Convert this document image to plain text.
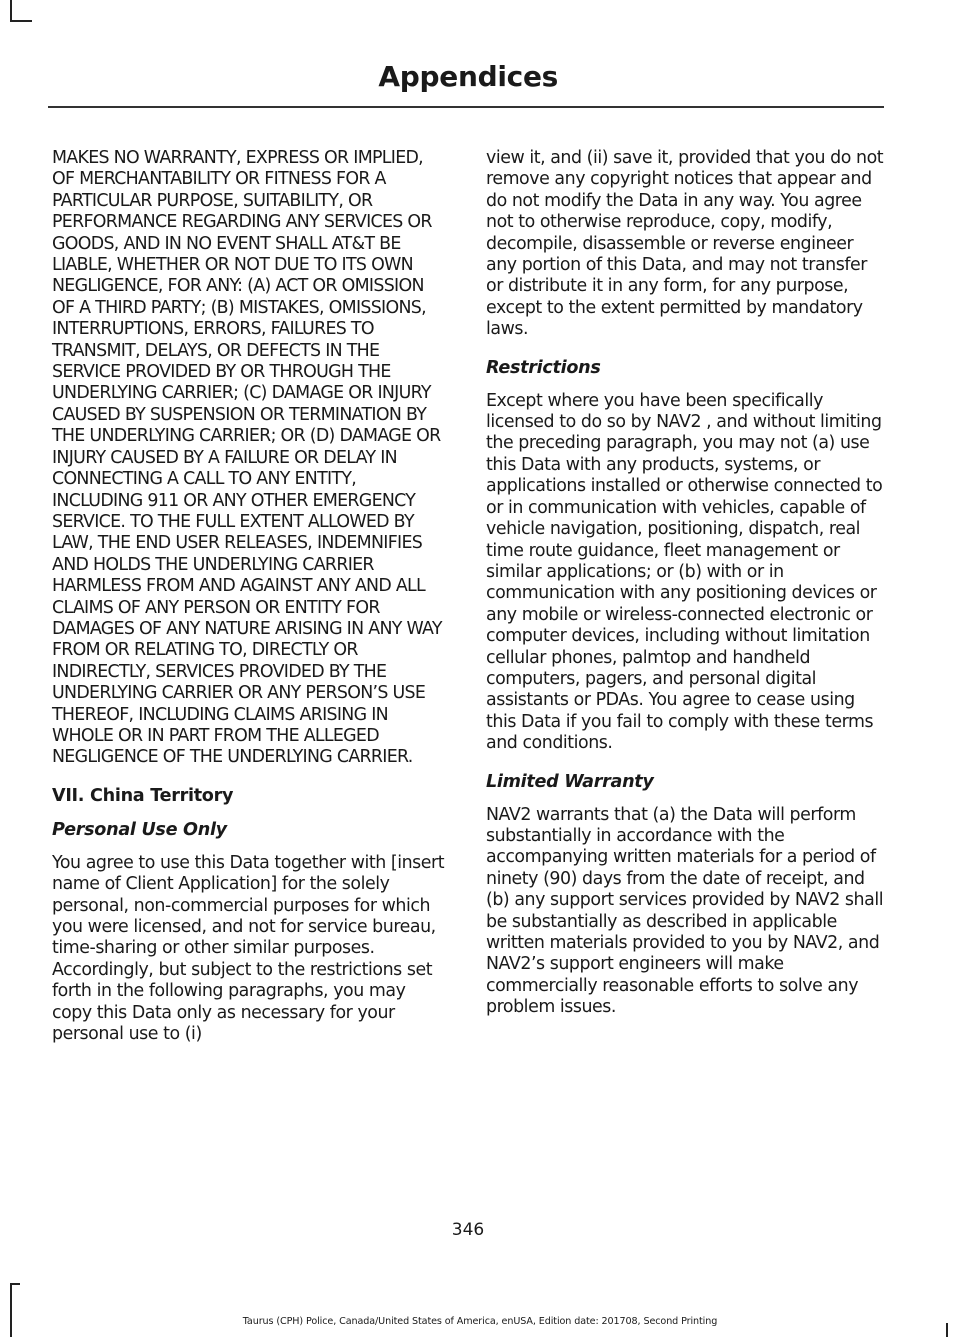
Appendices

MAKES NO WARRANTY, EXPRESS OR IMPLIED, OF MERCHANTABILITY OR FITNESS FOR A PARTICULAR PURPOSE, SUITABILITY, OR PERFORMANCE REGARDING ANY SERVICES OR GOODS, AND IN NO EVENT SHALL AT&T BE LIABLE, WHETHER OR NOT DUE TO ITS OWN NEGLIGENCE, FOR ANY: (A) ACT OR OMISSION OF A THIRD PARTY; (B) MISTAKES, OMISSIONS, INTERRUPTIONS, ERRORS, FAILURES TO TRANSMIT, DELAYS, OR DEFECTS IN THE SERVICE PROVIDED BY OR THROUGH THE UNDERLYING CARRIER; (C) DAMAGE OR INJURY CAUSED BY SUSPENSION OR TERMINATION BY THE UNDERLYING CARRIER; OR (D) DAMAGE OR INJURY CAUSED BY A FAILURE OR DELAY IN CONNECTING A CALL TO ANY ENTITY, INCLUDING 911 OR ANY OTHER EMERGENCY SERVICE. TO THE FULL EXTENT ALLOWED BY LAW, THE END USER RELEASES, INDEMNIFIES AND HOLDS THE UNDERLYING CARRIER HARMLESS FROM AND AGAINST ANY AND ALL CLAIMS OF ANY PERSON OR ENTITY FOR DAMAGES OF ANY NATURE ARISING IN ANY WAY FROM OR RELATING TO, DIRECTLY OR INDIRECTLY, SERVICES PROVIDED BY THE UNDERLYING CARRIER OR ANY PERSON’S USE THEREOF, INCLUDING CLAIMS ARISING IN WHOLE OR IN PART FROM THE ALLEGED NEGLIGENCE OF THE UNDERLYING CARRIER.

VII. China Territory
Personal Use Only

You agree to use this Data together with [insert name of Client Application] for the solely personal, non-commercial purposes for which you were licensed, and not for service bureau, time-sharing or other similar purposes. Accordingly, but subject to the restrictions set forth in the following paragraphs, you may copy this Data only as necessary for your personal use to (i)

view it, and (ii) save it, provided that you do not remove any copyright notices that appear and do not modify the Data in any way. You agree not to otherwise reproduce, copy, modify, decompile, disassemble or reverse engineer any portion of this Data, and may not transfer or distribute it in any form, for any purpose, except to the extent permitted by mandatory laws.

Restrictions

Except where you have been specifically licensed to do so by NAV2 , and without limiting the preceding paragraph, you may not (a) use this Data with any products, systems, or applications installed or otherwise connected to or in communication with vehicles, capable of vehicle navigation, positioning, dispatch, real time route guidance, fleet management or similar applications; or (b) with or in communication with any positioning devices or any mobile or wireless-connected electronic or computer devices, including without limitation cellular phones, palmtop and handheld computers, pagers, and personal digital assistants or PDAs. You agree to cease using this Data if you fail to comply with these terms and conditions.

Limited Warranty

NAV2 warrants that (a) the Data will perform substantially in accordance with the accompanying written materials for a period of ninety (90) days from the date of receipt, and (b) any support services provided by NAV2 shall be substantially as described in applicable written materials provided to you by NAV2, and NAV2’s support engineers will make commercially reasonable efforts to solve any problem issues.

346
Taurus (CPH) Police, Canada/United States of America, enUSA, Edition date: 201708, Second Printing
